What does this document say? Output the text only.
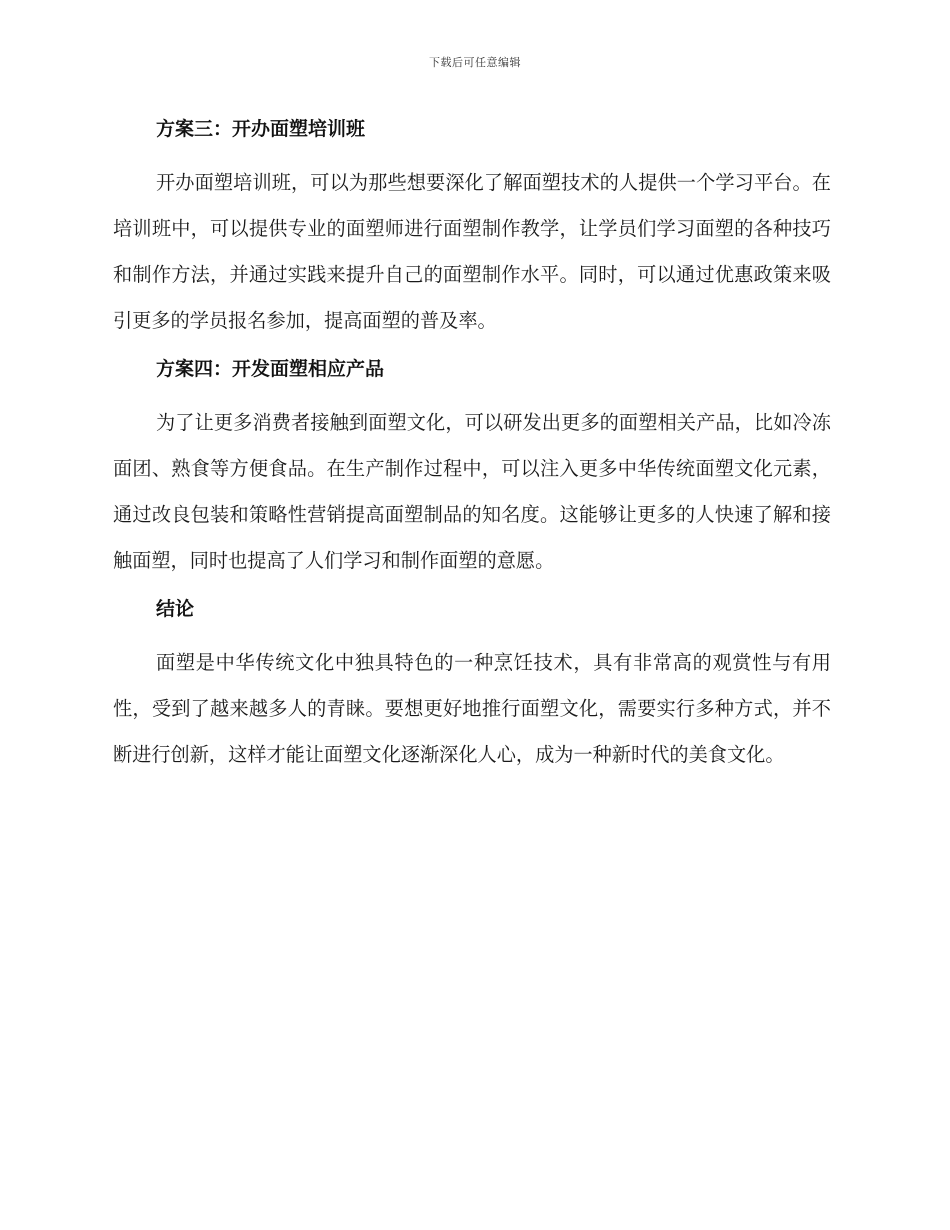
下载后可任意编辑
方案三：开办面塑培训班

开办面塑培训班，可以为那些想要深化了解面塑技术的人提供一个学习平台。在培训班中，可以提供专业的面塑师进行面塑制作教学，让学员们学习面塑的各种技巧和制作方法，并通过实践来提升自己的面塑制作水平。同时，可以通过优惠政策来吸引更多的学员报名参加，提高面塑的普及率。

方案四：开发面塑相应产品

为了让更多消费者接触到面塑文化，可以研发出更多的面塑相关产品，比如冷冻面团、熟食等方便食品。在生产制作过程中，可以注入更多中华传统面塑文化元素，通过改良包装和策略性营销提高面塑制品的知名度。这能够让更多的人快速了解和接触面塑，同时也提高了人们学习和制作面塑的意愿。

结论

面塑是中华传统文化中独具特色的一种烹饪技术，具有非常高的观赏性与有用性，受到了越来越多人的青睐。要想更好地推行面塑文化，需要实行多种方式，并不断进行创新，这样才能让面塑文化逐渐深化人心，成为一种新时代的美食文化。
